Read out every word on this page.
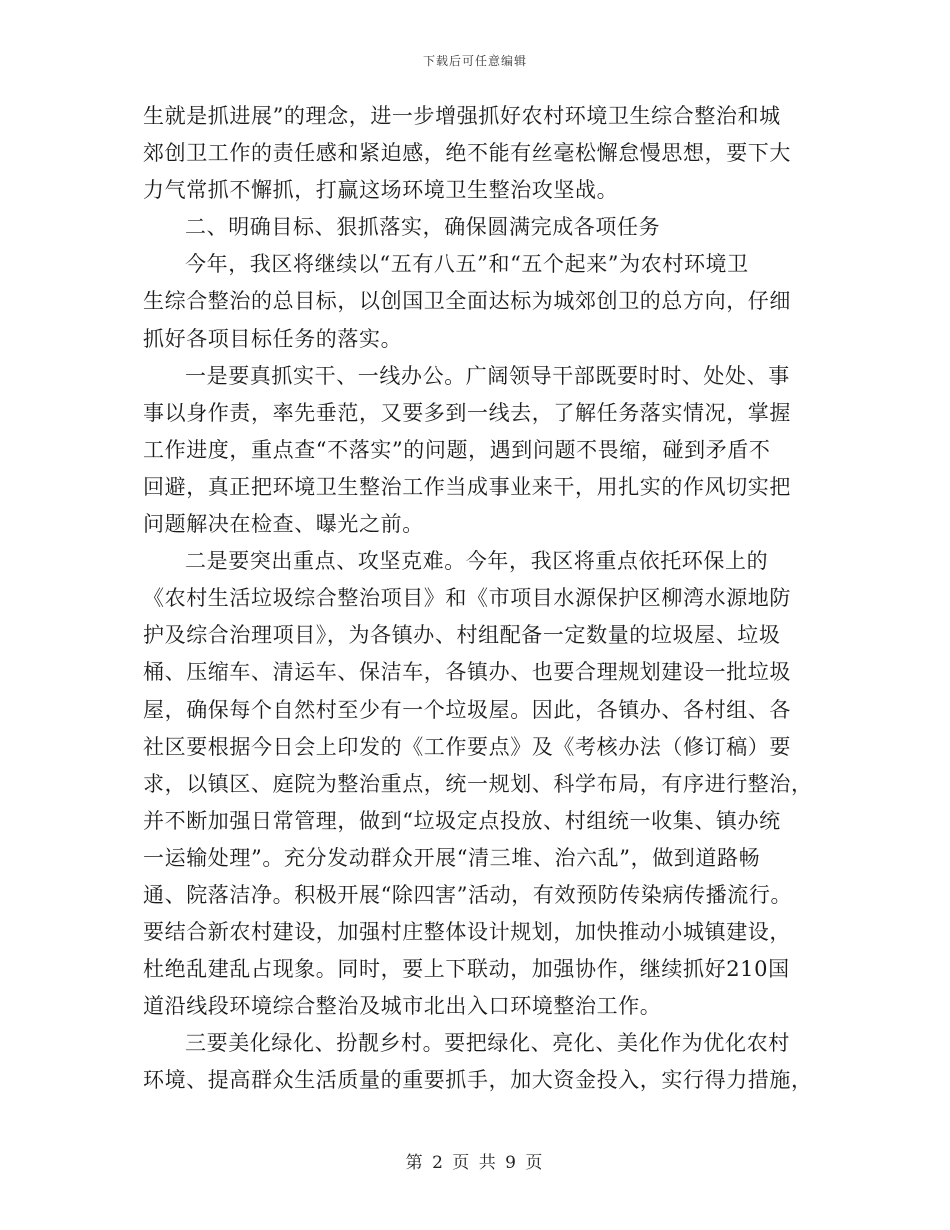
下载后可任意编辑
生就是抓进展”的理念，进一步增强抓好农村环境卫生综合整治和城
郊创卫工作的责任感和紧迫感，绝不能有丝毫松懈怠慢思想，要下大
力气常抓不懈抓，打赢这场环境卫生整治攻坚战。
二、明确目标、狠抓落实，确保圆满完成各项任务
今年，我区将继续以“五有八五”和“五个起来”为农村环境卫
生综合整治的总目标，以创国卫全面达标为城郊创卫的总方向，仔细
抓好各项目标任务的落实。
一是要真抓实干、一线办公。广阔领导干部既要时时、处处、事
事以身作责，率先垂范，又要多到一线去，了解任务落实情况，掌握
工作进度，重点查“不落实”的问题，遇到问题不畏缩，碰到矛盾不
回避，真正把环境卫生整治工作当成事业来干，用扎实的作风切实把
问题解决在检查、曝光之前。
二是要突出重点、攻坚克难。今年，我区将重点依托环保上的
《农村生活垃圾综合整治项目》和《市项目水源保护区柳湾水源地防
护及综合治理项目》，为各镇办、村组配备一定数量的垃圾屋、垃圾
桶、压缩车、清运车、保洁车，各镇办、也要合理规划建设一批垃圾
屋，确保每个自然村至少有一个垃圾屋。因此，各镇办、各村组、各
社区要根据今日会上印发的《工作要点》及《考核办法（修订稿）要
求，以镇区、庭院为整治重点，统一规划、科学布局，有序进行整治，
并不断加强日常管理，做到“垃圾定点投放、村组统一收集、镇办统
一运输处理”。充分发动群众开展“清三堆、治六乱”，做到道路畅
通、院落洁净。积极开展“除四害”活动，有效预防传染病传播流行。
要结合新农村建设，加强村庄整体设计规划，加快推动小城镇建设，
杜绝乱建乱占现象。同时，要上下联动，加强协作，继续抓好210国
道沿线段环境综合整治及城市北出入口环境整治工作。
三要美化绿化、扮靓乡村。要把绿化、亮化、美化作为优化农村
环境、提高群众生活质量的重要抓手，加大资金投入，实行得力措施，
第 2 页 共 9 页
